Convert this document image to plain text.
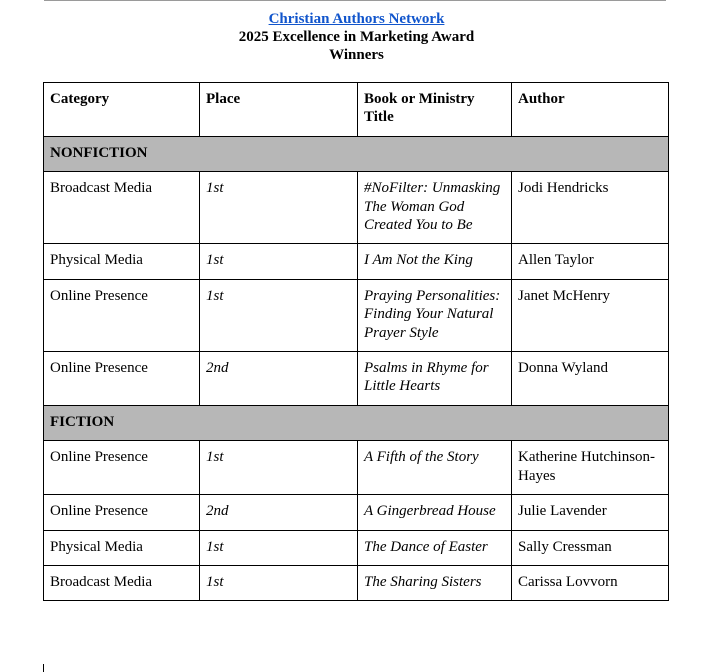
Christian Authors Network
2025 Excellence in Marketing Award
Winners
Category	Place	Book or Ministry Title	Author
NONFICTION			
Broadcast Media	1st	#NoFilter: Unmasking The Woman God Created You to Be	Jodi Hendricks
Physical Media	1st	I Am Not the King	Allen Taylor
Online Presence	1st	Praying Personalities: Finding Your Natural Prayer Style	Janet McHenry
Online Presence	2nd	Psalms in Rhyme for Little Hearts	Donna Wyland
FICTION			
Online Presence	1st	A Fifth of the Story	Katherine Hutchinson-Hayes
Online Presence	2nd	A Gingerbread House	Julie Lavender
Physical Media	1st	The Dance of Easter	Sally Cressman
Broadcast Media	1st	The Sharing Sisters	Carissa Lovvorn
